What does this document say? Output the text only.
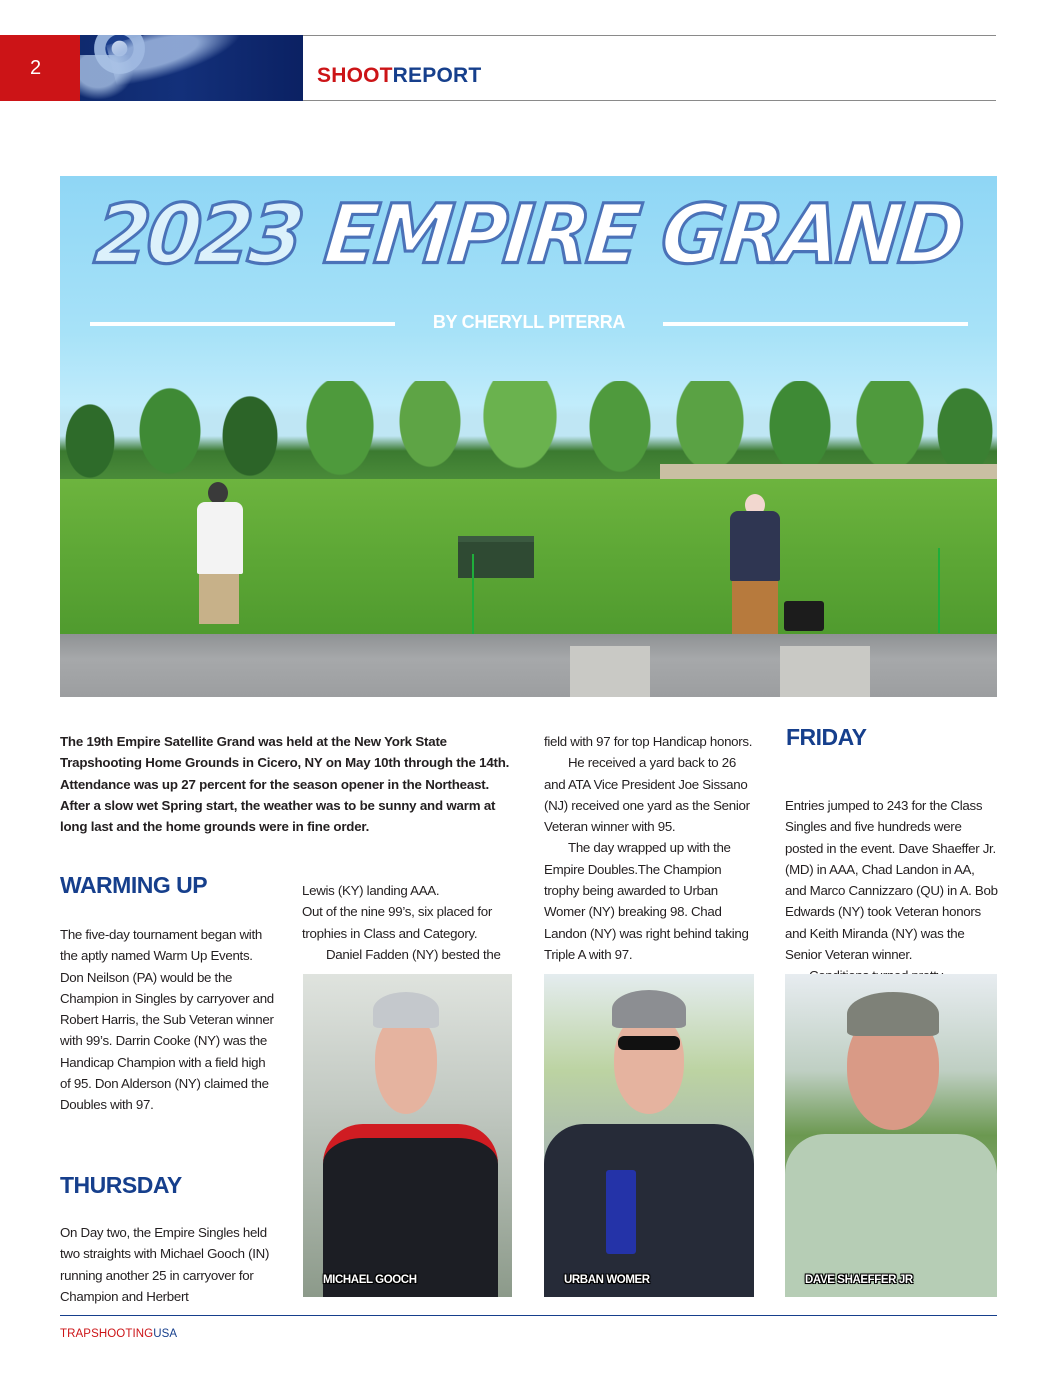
2	SHOOTREPORT
2023 EMPIRE GRAND
BY CHERYLL PITERRA
The 19th Empire Satellite Grand was held at the New York State Trapshooting Home Grounds in Cicero, NY on May 10th through the 14th. Attendance was up 27 percent for the season opener in the Northeast. After a slow wet Spring start, the weather was to be sunny and warm at long last and the home grounds were in fine order.
WARMING UP

The five-day tournament began with the aptly named Warm Up Events. Don Neilson (PA) would be the Champion in Singles by carryover and Robert Harris, the Sub Veteran winner with 99’s. Darrin Cooke (NY) was the Handicap Champion with a field high of 95. Don Alderson (NY) claimed the Doubles with 97.

THURSDAY

On Day two, the Empire Singles held two straights with Michael Gooch (IN) running another 25 in carryover for Champion and Herbert

Lewis (KY) landing AAA.

Out of the nine 99’s, six placed for trophies in Class and Category.

Daniel Fadden (NY) bested the

field with 97 for top Handicap honors.

He received a yard back to 26 and ATA Vice President Joe Sissano (NJ) received one yard as the Senior Veteran winner with 95.

The day wrapped up with the Empire Doubles.The Champion trophy being awarded to Urban Womer (NY) breaking 98. Chad Landon (NY) was right behind taking Triple A with 97.

FRIDAY

Entries jumped to 243 for the Class Singles and five hundreds were posted in the event. Dave Shaeffer Jr. (MD) in AAA, Chad Landon in AA, and Marco Cannizzaro (QU) in A. Bob Edwards (NY) took Veteran honors and Keith Miranda (NY) was the Senior Veteran winner.

MICHAEL GOOCH	URBAN WOMER	DAVE SHAEFFER JR
TRAPSHOOTINGUSA
